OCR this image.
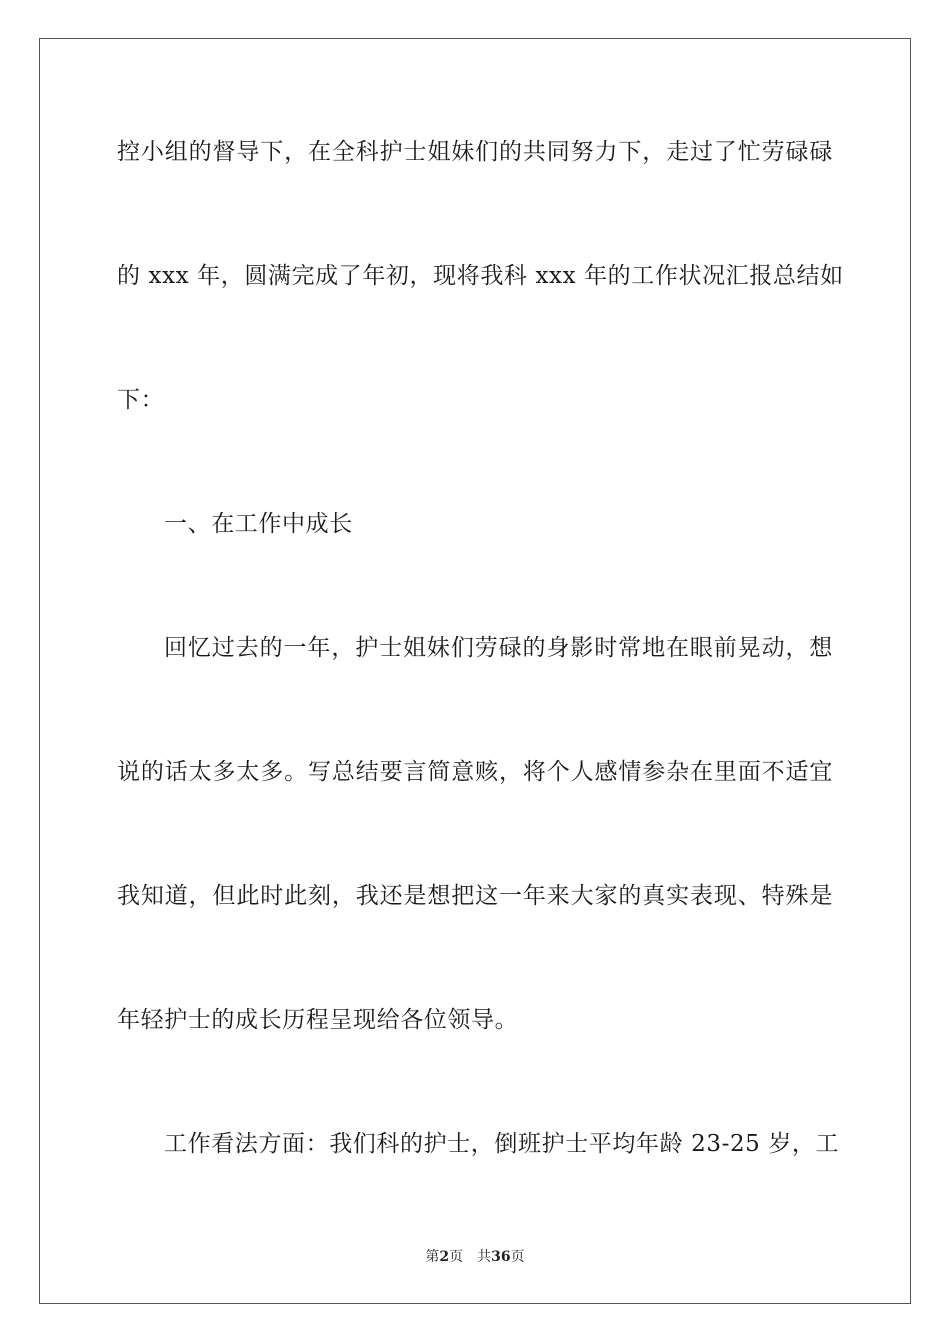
控小组的督导下，在全科护士姐妹们的共同努力下，走过了忙劳碌碌
的 xxx 年，圆满完成了年初，现将我科 xxx 年的工作状况汇报总结如
下：
一、在工作中成长
回忆过去的一年，护士姐妹们劳碌的身影时常地在眼前晃动，想
说的话太多太多。写总结要言简意赅，将个人感情参杂在里面不适宜
我知道，但此时此刻，我还是想把这一年来大家的真实表现、特殊是
年轻护士的成长历程呈现给各位领导。
工作看法方面：我们科的护士，倒班护士平均年龄 23-25 岁，工
第2页 共36页
